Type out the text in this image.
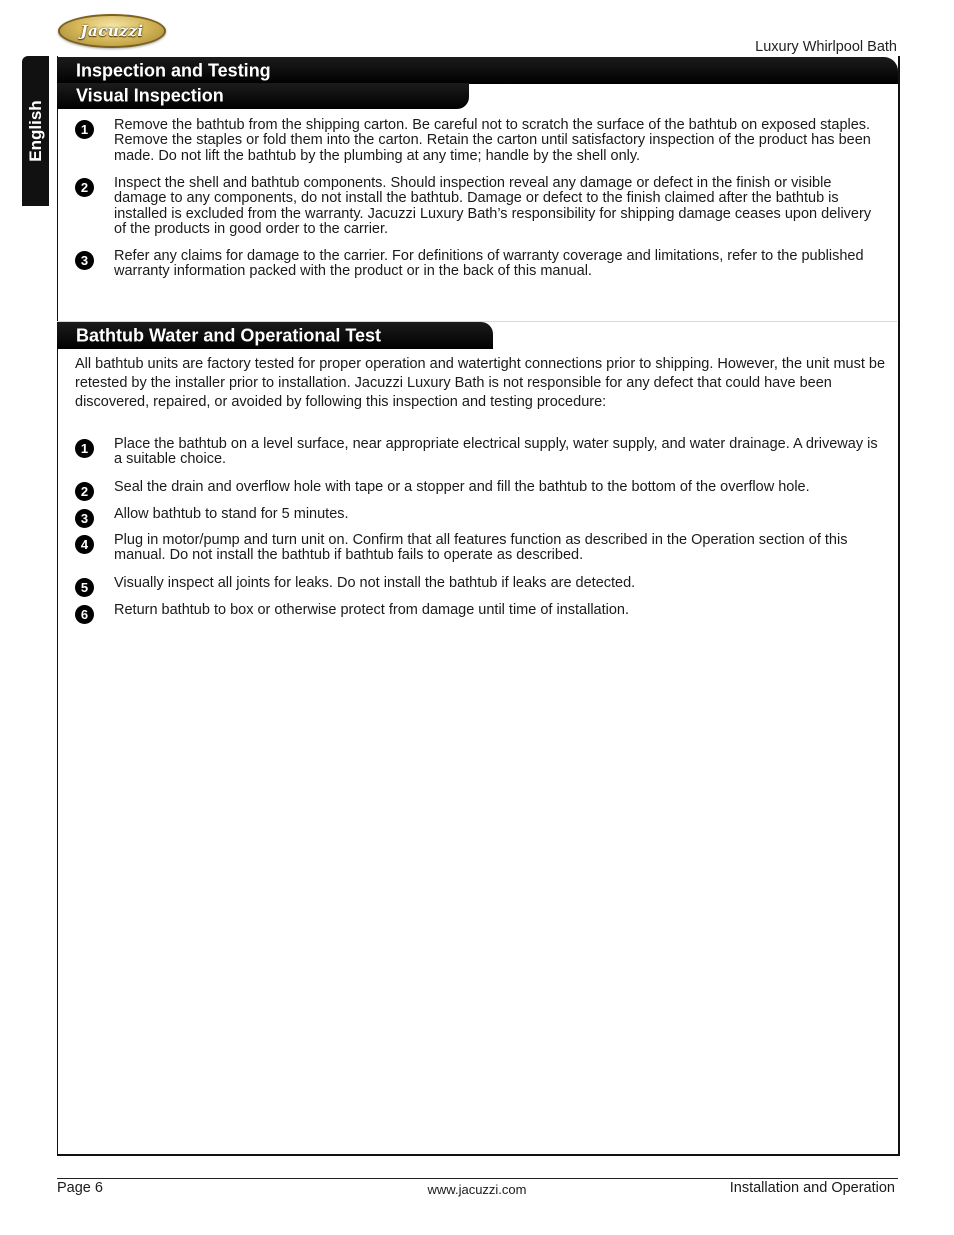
Jacuzzi
Luxury Whirlpool Bath
English
Inspection and Testing
Visual Inspection
1	Remove the bathtub from the shipping carton. Be careful not to scratch the surface of the bathtub on exposed staples. Remove the staples or fold them into the carton. Retain the carton until satisfactory inspection of the product has been made. Do not lift the bathtub by the plumbing at any time; handle by the shell only.
2	Inspect the shell and bathtub components. Should inspection reveal any damage or defect in the finish or visible damage to any components, do not install the bathtub. Damage or defect to the finish claimed after the bathtub is installed is excluded from the warranty. Jacuzzi Luxury Bath’s responsibility for shipping damage ceases upon delivery of the products in good order to the carrier.
3	Refer any claims for damage to the carrier. For definitions of warranty coverage and limitations, refer to the published warranty information packed with the product or in the back of this manual.
Bathtub Water and Operational Test
All bathtub units are factory tested for proper operation and watertight connections prior to shipping. However, the unit must be retested by the installer prior to installation. Jacuzzi Luxury Bath is not responsible for any defect that could have been discovered, repaired, or avoided by following this inspection and testing procedure:
1	Place the bathtub on a level surface, near appropriate electrical supply, water supply, and water drainage. A driveway is a suitable choice.
2	Seal the drain and overflow hole with tape or a stopper and fill the bathtub to the bottom of the overflow hole.
3	Allow bathtub to stand for 5 minutes.
4	Plug in motor/pump and turn unit on. Confirm that all features function as described in the Operation section of this manual. Do not install the bathtub if bathtub fails to operate as described.
5	Visually inspect all joints for leaks. Do not install the bathtub if leaks are detected.
6	Return bathtub to box or otherwise protect from damage until time of installation.
Page 6	www.jacuzzi.com	Installation and Operation
